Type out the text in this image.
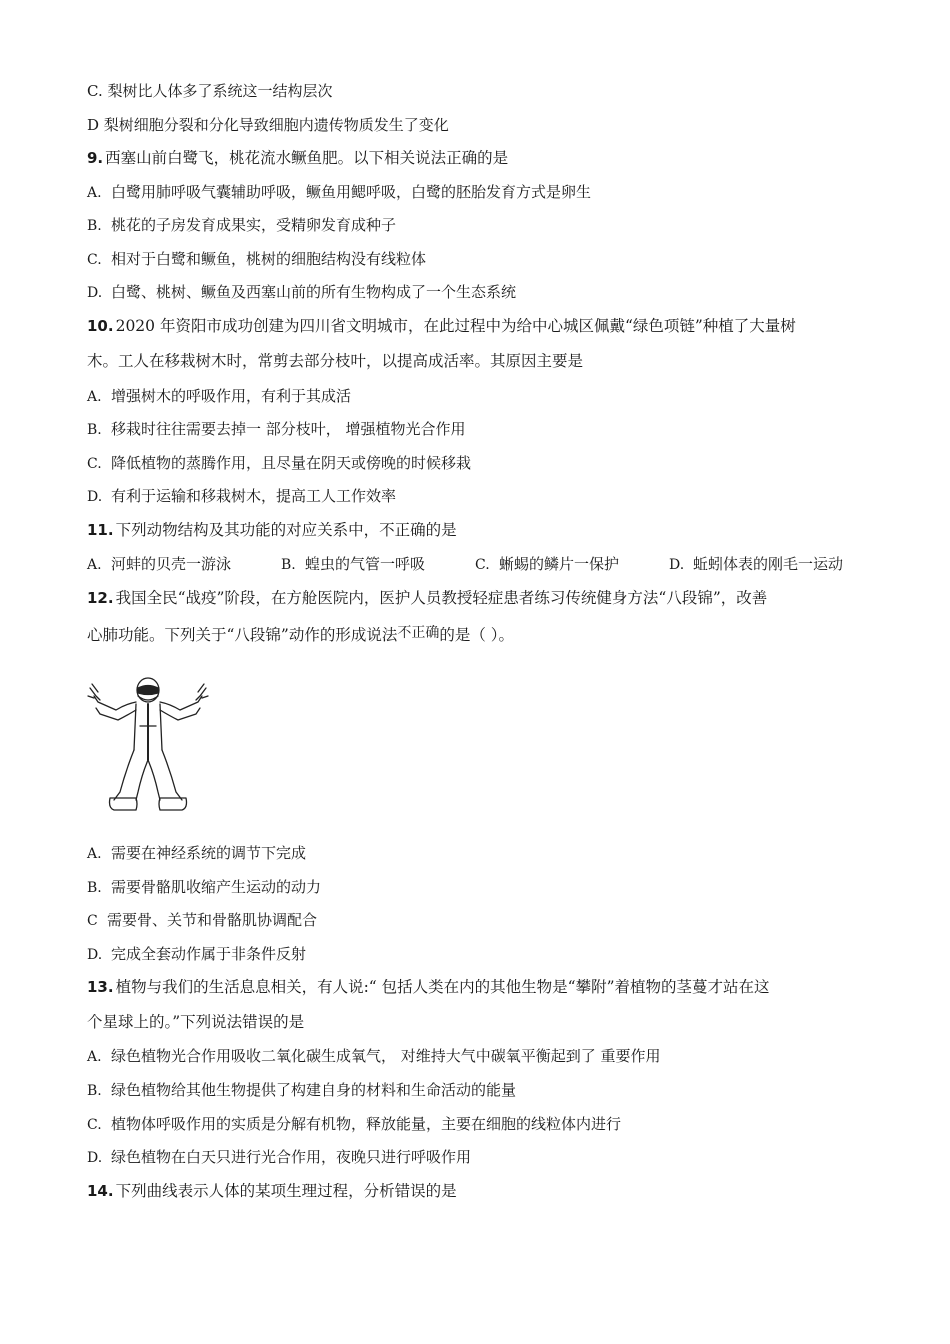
C. 梨树比人体多了系统这一结构层次
D 梨树细胞分裂和分化导致细胞内遗传物质发生了变化
9. 西塞山前白鹭飞，桃花流水鳜鱼肥。以下相关说法正确的是
A. 白鹭用肺呼吸气囊辅助呼吸，鳜鱼用鳃呼吸，白鹭的胚胎发育方式是卵生
B. 桃花的子房发育成果实，受精卵发育成种子
C. 相对于白鹭和鳜鱼，桃树的细胞结构没有线粒体
D. 白鹭、桃树、鳜鱼及西塞山前的所有生物构成了一个生态系统
10. 2020 年资阳市成功创建为四川省文明城市，在此过程中为给中心城区佩戴“绿色项链”种植了大量树
木。工人在移栽树木时，常剪去部分枝叶，以提高成活率。其原因主要是
A. 增强树木的呼吸作用，有利于其成活
B. 移栽时往往需要去掉一 部分枝叶， 增强植物光合作用
C. 降低植物的蒸腾作用，且尽量在阴天或傍晚的时候移栽
D. 有利于运输和移栽树木，提高工人工作效率
11. 下列动物结构及其功能的对应关系中，不正确的是
A. 河蚌的贝壳一游泳	B. 蝗虫的气管一呼吸	C. 蜥蜴的鳞片一保护	D. 蚯蚓体表的刚毛一运动
12. 我国全民“战疫”阶段，在方舱医院内，医护人员教授轻症患者练习传统健身方法“八段锦”，改善
心肺功能。下列关于“八段锦”动作的形成说法不正确的是（ ）。
A. 需要在神经系统的调节下完成
B. 需要骨骼肌收缩产生运动的动力
C 需要骨、关节和骨骼肌协调配合
D. 完成全套动作属于非条件反射
13. 植物与我们的生活息息相关，有人说:“ 包括人类在内的其他生物是“攀附”着植物的茎蔓才站在这
个星球上的。”下列说法错误的是
A. 绿色植物光合作用吸收二氧化碳生成氧气， 对维持大气中碳氧平衡起到了 重要作用
B. 绿色植物给其他生物提供了构建自身的材料和生命活动的能量
C. 植物体呼吸作用的实质是分解有机物，释放能量，主要在细胞的线粒体内进行
D. 绿色植物在白天只进行光合作用，夜晚只进行呼吸作用
14. 下列曲线表示人体的某项生理过程，分析错误的是
